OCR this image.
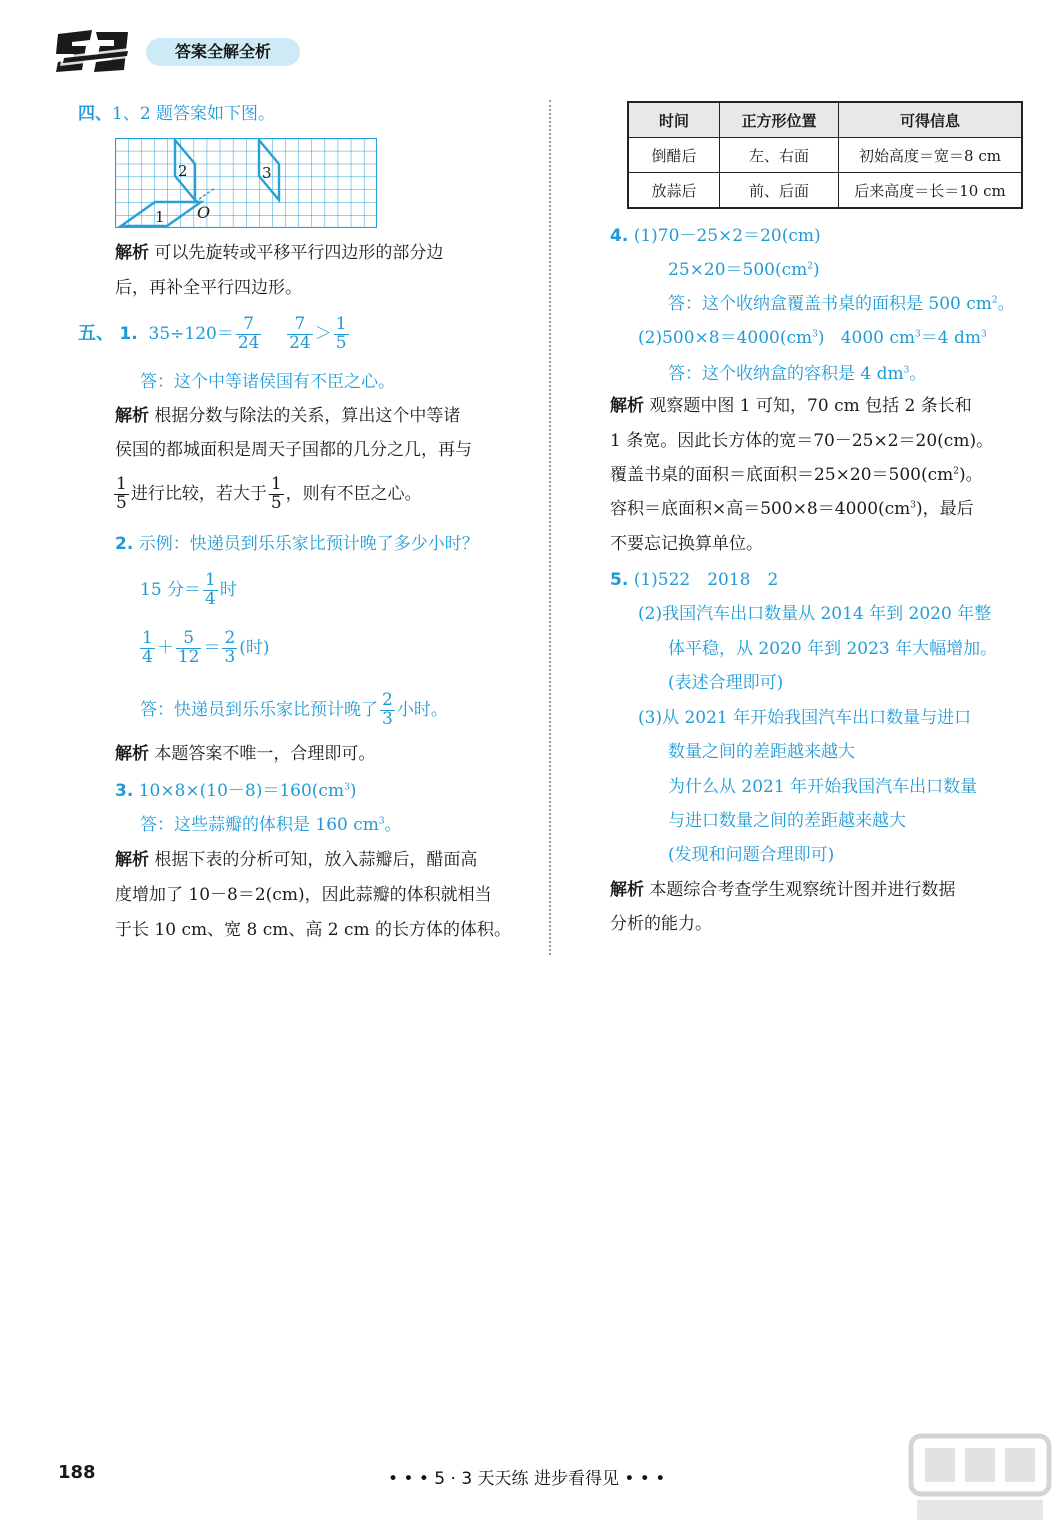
答案全解全析
四、1、2 题答案如下图。
1
2	3
O
解析 可以先旋转或平移平行四边形的部分边
后，再补全平行四边形。
五、 1. $35\div 120= \frac{7}{24}$
$\frac{7}{24} > \frac{1}{5}$
答：这个中等诸侯国有不臣之心。
解析 根据分数与除法的关系，算出这个中等诸
侯国的都城面积是周天子国都的几分之几，再与
$\frac{1}{5}$ 进行比较，若大于 $\frac{1}{5}$ ，则有不臣之心。
2. 示例：快递员到乐乐家比预计晚了多少小时？
15 分＝ $\frac{1}{4}$ 时
$\frac{1}{4} + \frac{5}{12} = \frac{2}{3}$ (时)
答：快递员到乐乐家比预计晚了 $\frac{2}{3}$ 小时。
解析 本题答案不唯一，合理即可。
3. $10\times 8\times(10-8)=160(cm^3)$
答：这些蒜瓣的体积是 160 $cm^3$。
解析 根据下表的分析可知，放入蒜瓣后，醋面高
度增加了 10－8＝2(cm)，因此蒜瓣的体积就相当
于长 10 cm、宽 8 cm、高 2 cm 的长方体的体积。
时间	正方形位置	可得信息
倒醋后	左、右面	初始高度＝宽＝8 cm
放蒜后	前、后面	后来高度＝长＝10 cm
4. (1)70－25×2＝20(cm)
$25\times 20=500(cm^2)$
答：这个收纳盒覆盖书桌的面积是 500 $cm^2$。
$(2)500\times 8=4000(cm^3)$ 4000 $cm^3=4$ $dm^3$
答：这个收纳盒的容积是 4 $dm^3$。
解析 观察题中图 1 可知，70 cm 包括 2 条长和
1 条宽。因此长方体的宽＝70－25×2＝20(cm)。
覆盖书桌的面积＝底面积$=25\times 20=500(cm^2)$。
容积＝底面积×高$=500\times 8=4000(cm^3)$，最后
不要忘记换算单位。
5. (1)522　2018　2
(2)我国汽车出口数量从 2014 年到 2020 年整
体平稳，从 2020 年到 2023 年大幅增加。
(表述合理即可)
(3)从 2021 年开始我国汽车出口数量与进口
数量之间的差距越来越大
为什么从 2021 年开始我国汽车出口数量
与进口数量之间的差距越来越大
(发现和问题合理即可)
解析 本题综合考查学生观察统计图并进行数据
分析的能力。
188	• • • 5 · 3 天天练 进步看得见 • • •
